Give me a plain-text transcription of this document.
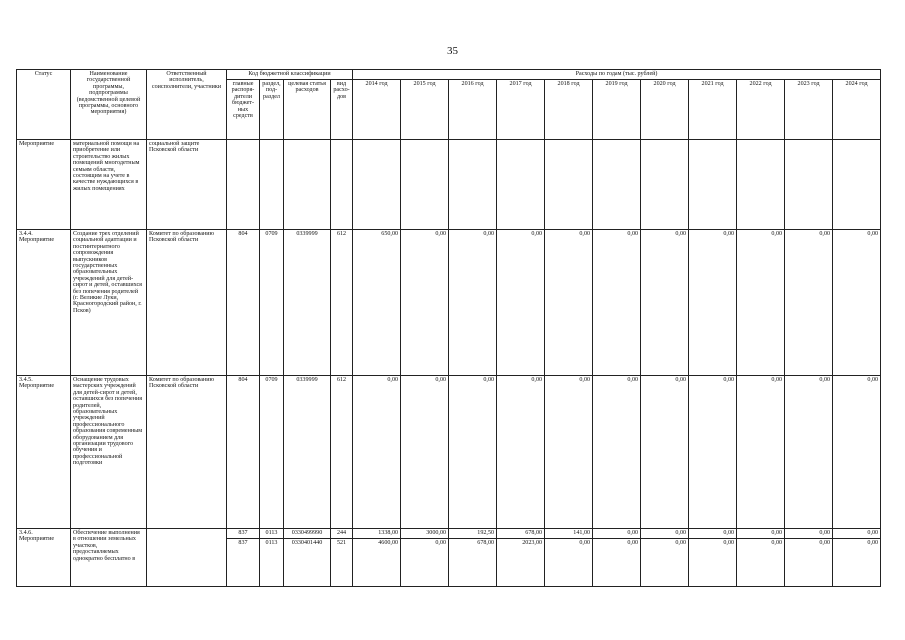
35
Статус	Наименование государственной программы, подпрограммы (ведомственной целевой программы, основного мероприятия)	Ответственный исполнитель, соисполнители, участники	Код бюджетной классификации				Расходы по годам (тыс. рублей)										
			главные распоря-дители бюджет-ных средств	раздел, под-раздел	целевая статья расходов	вид расхо-дов	2014 год	2015 год	2016 год	2017 год	2018 год	2019 год	2020 год	2021 год	2022 год	2023 год	2024 год
Мероприятие	материальной помощи на приобретение или строительство жилых помещений многодетным семьям области, состоящим на учете в качестве нуждающихся в жилых помещениях	социальной защите Псковской области															
3.4.4. Мероприятие	Создание трех отделений социальной адаптации и постинтернатного сопровождения выпускников государственных образовательных учреждений для детей-сирот и детей, оставшихся без попечения родителей (г. Великие Луки, Красногородский район, г. Псков)	Комитет по образованию Псковской области	804	0709	0339999	612	650,00	0,00	0,00	0,00	0,00	0,00	0,00	0,00	0,00	0,00	0,00
3.4.5. Мероприятие	Оснащение трудовых мастерских учреждений для детей-сирот и детей, оставшихся без попечения родителей, образовательных учреждений профессионального образования современным оборудованием для организации трудового обучения и профессиональной подготовки	Комитет по образованию Псковской области	804	0709	0339999	612	0,00	0,00	0,00	0,00	0,00	0,00	0,00	0,00	0,00	0,00	0,00
3.4.6. Мероприятие	Обеспечение выполнения в отношении земельных участков, предоставляемых однократно бесплатно в		837	0113	0330499990	244	1338,00	3000,00	192,50	678,00	141,00	0,00	0,00	0,00	0,00	0,00	0,00
			837	0113	0330401440	521	4600,00	0,00	678,00	2023,00	0,00	0,00	0,00	0,00	0,00	0,00	0,00
